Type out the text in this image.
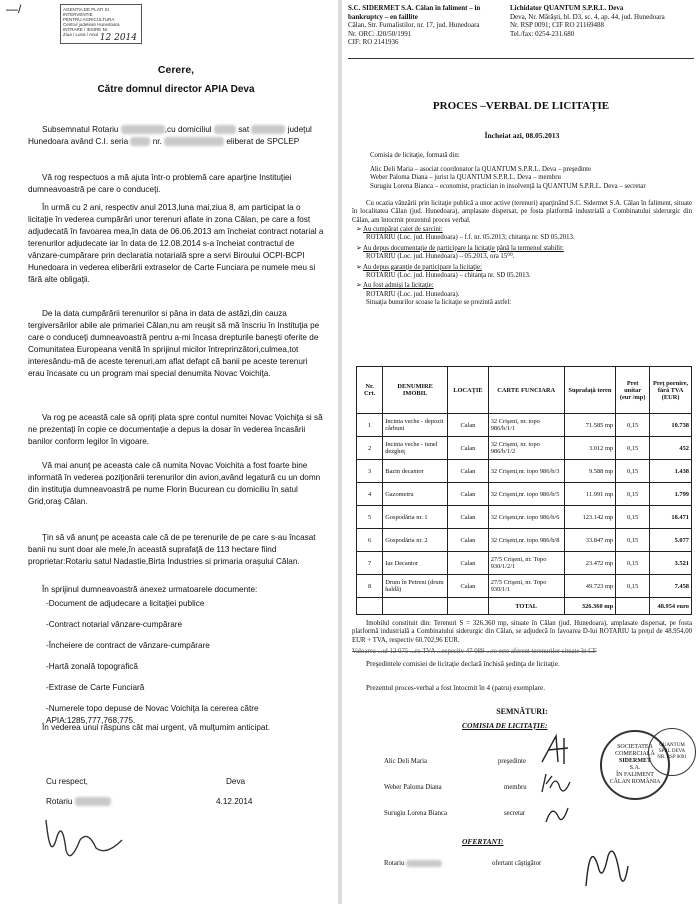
—/	AGENTIA DE PLATI SI INTERVENTIE
PENTRU AGRICULTURA
Centrul judetean Hunedoara
INTRARE / IESIRE Nr.
Ziua / Luna / Anul 12 2014
Cerere,
Către domnul director APIA Deva

Subsemnatul Rotariu	,cu domiciliul	sat	judeţul Hunedoara având C.I. seria	nr.	eliberat de SPCLEP

Vă rog respectuos a mă ajuta într-o problemă care aparţine Instituţiei dumneavoastră pe care o conduceţi.

În urmă cu 2 ani, respectiv anul 2013,luna mai,ziua 8, am participat la o licitaţie în vederea cumpărări unor terenuri aflate in zona Călan, pe care a fost adjudecată în favoarea mea,în data de 06.06.2013 am încheiat contract notarial a terenurilor adjudecate iar în data de 12.08.2014 s-a încheiat contractul de vânzare-cumpărare prin declaratia notarială spre a servi Biroului OCPI-BCPI Hunedoara in vederea eliberării extraselor de Carte Funciara pe numele meu si fără alte obligaţii.

De la data cumpărării terenurilor si pâna in data de astăzi,din cauza tergiversărilor abile ale primariei Călan,nu am reuşit să mă înscriu în Instituţia pe care o conduceţi dumneavoastră pentru a-mi încasa drepturile baneşti oferite de Comunitatea Europeana venită în sprijinul micilor întreprinzători,culmea,tot interesându-mă de aceste terenuri,am aflat defapt că banii pe aceste terenuri erau încasate cu un program mai special denumita Novac Voichiţa.

Va rog pe această cale să opriţi plata spre contul numitei Novac Voichiţa si să ne prezentaţi în copie ce documentaţie a depus la dosar în vederea încasării banilor conform legilor în vigoare.

Vă mai anunţ pe aceasta cale că numita Novac Voichita a fost foarte bine informată în vederea poziţionării terenurilor din avion,având legatură cu un domn din instituţia dumneavoastră pe nume Florin Bucurean cu domiciliu în satul Grid,oraş Călan.

Ţin să vă anunţ pe aceasta cale că de pe terenurile de pe care s-au încasat banii nu sunt doar ale mele,în această suprafaţă de 113 hectare fiind proprietar:Rotariu satul Nadastie,Birta Industries si primaria oraşului Călan.

În sprijinul dumneavoastră anexez urmatoarele documente:

-Document de adjudecare a licitaţiei publice
-Contract notarial vânzare-cumpărare
-Încheiere de contract de vânzare-cumpărare
-Hartă zonală topografică
-Extrase de Carte Funciară
-Numerele topo depuse de Novac Voichiţa la cererea către APIA:1285,777,768,775.

În vederea unui răspuns cât mai urgent, vă mulţumim anticipat.

Cu respect,	Deva
Rotariu	4.12.2014
S.C. SIDERMET S.A. Călan în faliment – in bankruptcy – en faillite
Călan, Str. Furnalistilor, nr. 17, jud. Hunedoara
Nr. ORC: J20/50/1991
CIF: RO 2141936
Lichidator QUANTUM S.P.R.L. Deva
Deva, Nr. Mărăşti, bl. D3, sc. 4, ap. 44, jud. Hunedoara
Nr. RSP 0091; CIF RO 21169488
Tel./fax: 0254-231.680
PROCES –VERBAL DE LICITAŢIE
Încheiat azi, 08.05.2013
Comisia de licitaţie, formată din:
Alic Deli Maria – asociat coordonator la QUANTUM S.P.R.L. Deva – preşedinte
Weber Paloma Diana – jurist la QUANTUM S.P.R.L. Deva – membru
Surugiu Lorena Bianca – economist, practician in insolvenţă la QUANTUM S.P.R.L. Deva – secretar
Cu ocazia vânzării prin licitaţie publică a unor active (terenuri) aparţinând S.C. Sidermet S.A. Călan în faliment, situate în localitatea Călan (jud. Hunedoara), amplasate dispersat, pe fosta platformă industrială a Combinatului siderurgic din Călan, am întocmit prezentul proces verbal.
➢ Au cumpărat caiet de sarcini:
ROTARIU (Loc. jud. Hunedoara) – f.f. nr. 05.2013; chitanţa nr. SD 05.2013.
➢ Au depus documentaţie de participare la licitaţie până la termenul stabilit:
ROTARIU (Loc. jud. Hunedoara) – 05.2013, ora 15⁰⁰.
➢ Au depus garanţie de participare la licitaţie:
ROTARIU (Loc. jud. Hunedoara) – chitanţa nr. SD 05.2013.
➢ Au fost admişi la licitaţie:
ROTARIU (Loc. jud. Hunedoara).
Situaţia bunurilor scoase la licitaţie se prezintă astfel:
Nr. Crt.	DENUMIRE IMOBIL	LOCAŢIE	CARTE FUNCIARA	Suprafaţă teren	Pret unitar (eur /mp)	Preţ pornire, fără TVA (EUR)
1	Incinta veche - depozit cărbuni	Calan	32 Crişeni, nr. topo 986/b/1/1	71.585 mp	0,15	10.738
2	Incinta veche - tunel dezgheţ	Calan	32 Crişeni, nr. topo 986/b/1/2	3.012 mp	0,15	452
3	Bazin decantor	Calan	32 Crişeni,nr. topo 986/b/3	9.588 mp	0,15	1.438
4	Gazometru	Calan	32 Crişeni,nr. topo 986/b/5	11.991 mp	0,15	1.799
5	Gospodăria nr. 1	Calan	32 Crişeni,nr. topo 986/b/6	123.142 mp	0,15	18.471
6	Gospodăria nr. 2	Calan	32 Crişeni,nr. topo 986/b/8	33.847 mp	0,15	5.077
7	Iaz Decantor	Calan	27/5 Crişeni, nr. Topo 930/1/2/1	23.472 mp	0,15	3.521
8	Drum în Petreni (drum haldă)	Calan	27/5 Crişeni, nr. Topo 930/1/1	49.723 mp	0,15	7.458
			TOTAL	326.360 mp		48.954 euro
Imobilul constituit din: Terenuri S = 326.360 mp, situate în Călan (jud. Hunedoara), amplasate dispersat, pe fosta platformă industrială a Combinatului siderurgic din Călan, se adjudecă în favoarea D-lui ROTARIU la preţul de 48.954,00 EUR + TVA, respectiv 60.702,96 EUR.
Valoarea ...ul 12 075 ...ro TVA ...especiiv 47 089 ...ro este aferent terenurilor situate în CF
Preşedintele comisiei de licitaţie declară închisă şedinţa de licitaţie.
Prezentul proces-verbal a fost întocmit în 4 (patru) exemplare.
SEMNĂTURI:
COMISIA DE LICITAŢIE:
Alic Deli Maria	preşedinte
Weber Paloma Diana	membru
Surugiu Lorena Bianca	secretar
SOCIETATEA COMERCIALĂ
SIDERMET
S.A.
ÎN FALIMENT
CĂLAN ROMÂNIA
QUANTUM
SPRL DEVA
NR. RSP 0091
OFERTANT:
Rotariu	ofertant câştigător
